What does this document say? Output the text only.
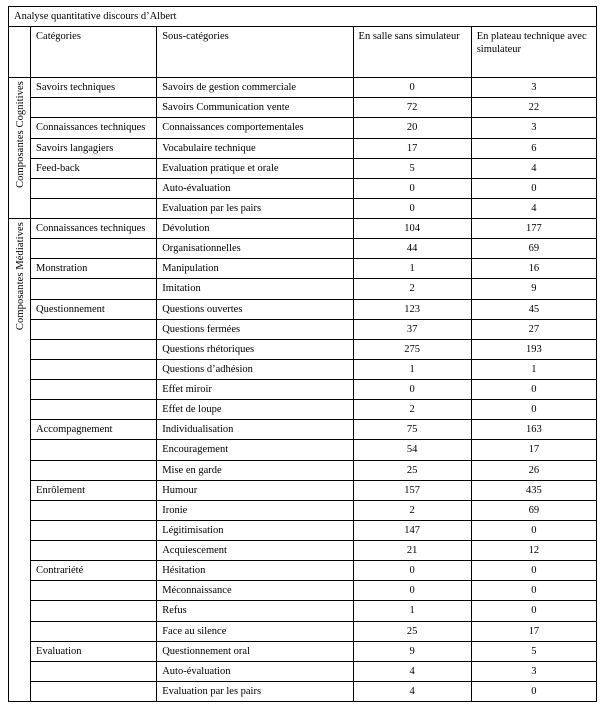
Analyse quantitative discours d’Albert				
	Catégories	Sous-catégories	En salle sans simulateur	En plateau technique avec simulateur
Composantes Cognitives	Savoirs techniques	Savoirs de gestion commerciale	0	3
		Savoirs Communication vente	72	22
	Connaissances techniques	Connaissances comportementales	20	3
	Savoirs langagiers	Vocabulaire technique	17	6
	Feed-back	Evaluation pratique et orale	5	4
		Auto-évaluation	0	0
		Evaluation par les pairs	0	4
Composantes Médiatives	Connaissances techniques	Dévolution	104	177
		Organisationnelles	44	69
	Monstration	Manipulation	1	16
		Imitation	2	9
	Questionnement	Questions ouvertes	123	45
		Questions fermées	37	27
		Questions rhétoriques	275	193
		Questions d’adhésion	1	1
		Effet miroir	0	0
		Effet de loupe	2	0
	Accompagnement	Individualisation	75	163
		Encouragement	54	17
		Mise en garde	25	26
	Enrôlement	Humour	157	435
		Ironie	2	69
		Légitimisation	147	0
		Acquiescement	21	12
	Contrariété	Hésitation	0	0
		Méconnaissance	0	0
		Refus	1	0
		Face au silence	25	17
	Evaluation	Questionnement oral	9	5
		Auto-évaluation	4	3
		Evaluation par les pairs	4	0
